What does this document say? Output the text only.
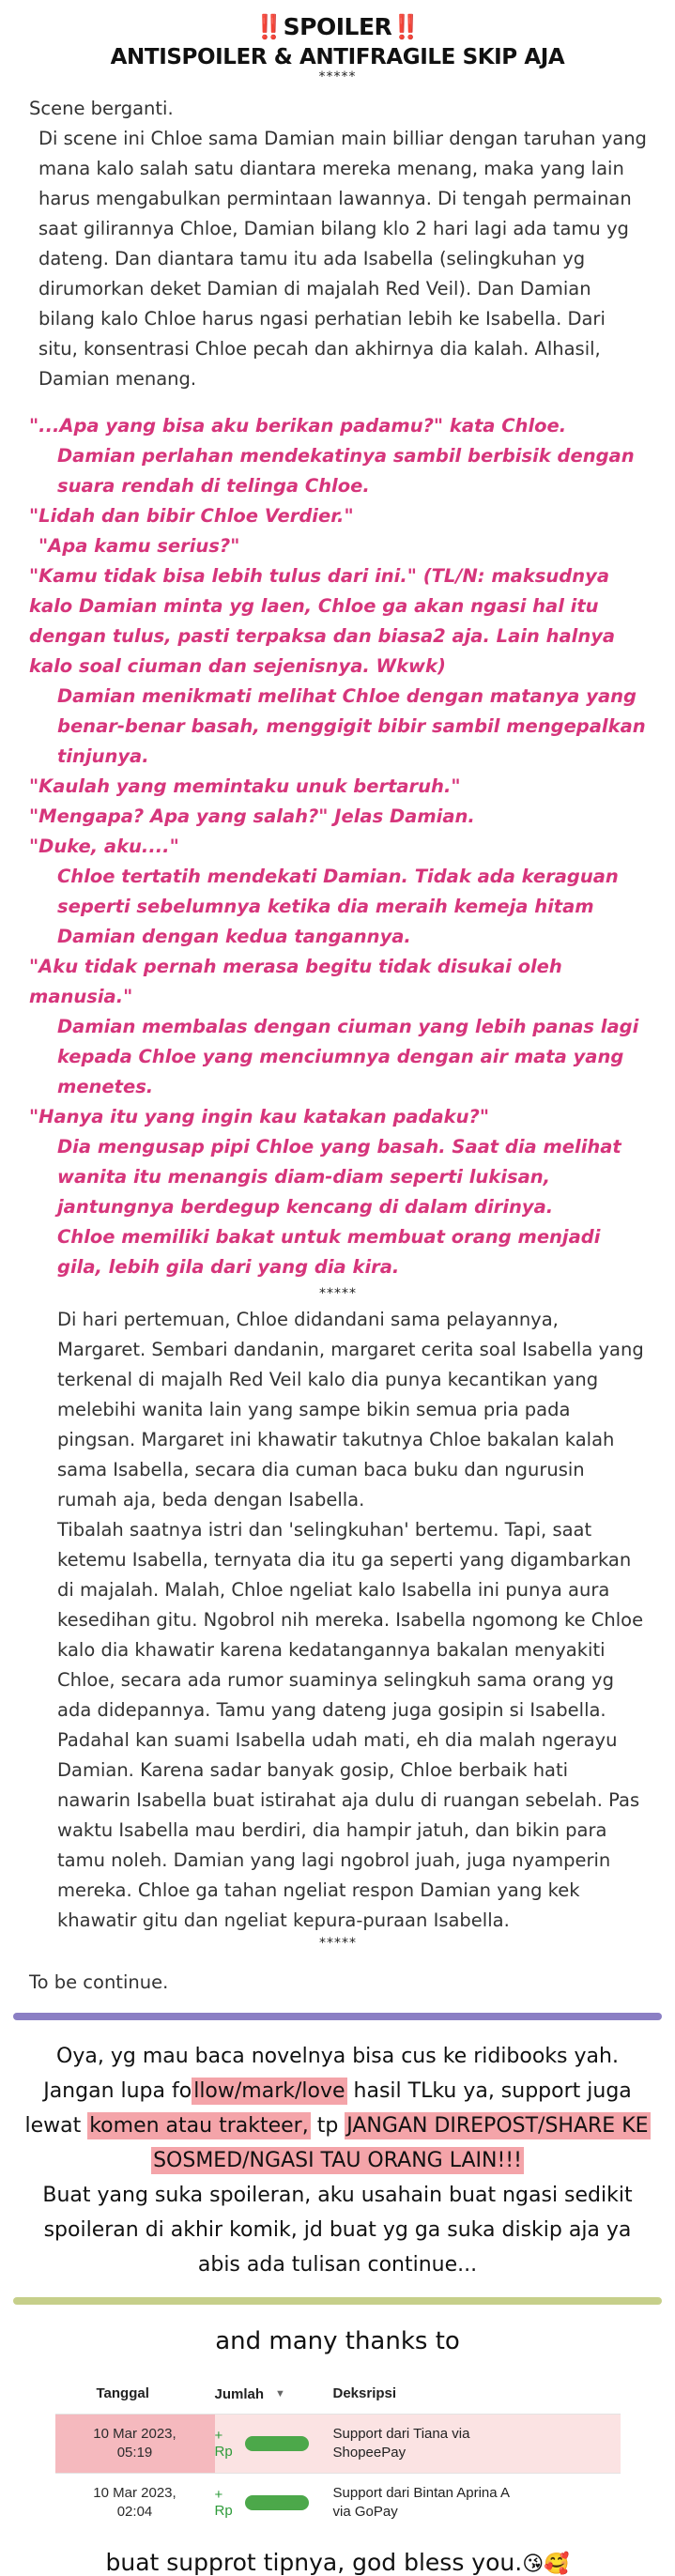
‼️SPOILER‼️
ANTISPOILER & ANTIFRAGILE SKIP AJA
*****

Scene berganti.

Di scene ini Chloe sama Damian main billiar dengan taruhan yang mana kalo salah satu diantara mereka menang, maka yang lain harus mengabulkan permintaan lawannya. Di tengah permainan saat gilirannya Chloe, Damian bilang klo 2 hari lagi ada tamu yg dateng. Dan diantara tamu itu ada Isabella (selingkuhan yg dirumorkan deket Damian di majalah Red Veil). Dan Damian bilang kalo Chloe harus ngasi perhatian lebih ke Isabella. Dari situ, konsentrasi Chloe pecah dan akhirnya dia kalah. Alhasil, Damian menang.

"...Apa yang bisa aku berikan padamu?" kata Chloe.

Damian perlahan mendekatinya sambil berbisik dengan suara rendah di telinga Chloe.

"Lidah dan bibir Chloe Verdier."

"Apa kamu serius?"

"Kamu tidak bisa lebih tulus dari ini." (TL/N: maksudnya kalo Damian minta yg laen, Chloe ga akan ngasi hal itu dengan tulus, pasti terpaksa dan biasa2 aja. Lain halnya kalo soal ciuman dan sejenisnya. Wkwk)

Damian menikmati melihat Chloe dengan matanya yang benar-benar basah, menggigit bibir sambil mengepalkan tinjunya.

"Kaulah yang memintaku unuk bertaruh."

"Mengapa? Apa yang salah?" Jelas Damian.

"Duke, aku...."

Chloe tertatih mendekati Damian. Tidak ada keraguan seperti sebelumnya ketika dia meraih kemeja hitam Damian dengan kedua tangannya.

"Aku tidak pernah merasa begitu tidak disukai oleh manusia."

Damian membalas dengan ciuman yang lebih panas lagi kepada Chloe yang menciumnya dengan air mata yang menetes.

"Hanya itu yang ingin kau katakan padaku?"

Dia mengusap pipi Chloe yang basah. Saat dia melihat wanita itu menangis diam-diam seperti lukisan, jantungnya berdegup kencang di dalam dirinya.

Chloe memiliki bakat untuk membuat orang menjadi gila, lebih gila dari yang dia kira.

*****

Di hari pertemuan, Chloe didandani sama pelayannya, Margaret. Sembari dandanin, margaret cerita soal Isabella yang terkenal di majalh Red Veil kalo dia punya kecantikan yang melebihi wanita lain yang sampe bikin semua pria pada pingsan. Margaret ini khawatir takutnya Chloe bakalan kalah sama Isabella, secara dia cuman baca buku dan ngurusin rumah aja, beda dengan Isabella.

Tibalah saatnya istri dan 'selingkuhan' bertemu. Tapi, saat ketemu Isabella, ternyata dia itu ga seperti yang digambarkan di majalah. Malah, Chloe ngeliat kalo Isabella ini punya aura kesedihan gitu. Ngobrol nih mereka. Isabella ngomong ke Chloe kalo dia khawatir karena kedatangannya bakalan menyakiti Chloe, secara ada rumor suaminya selingkuh sama orang yg ada didepannya. Tamu yang dateng juga gosipin si Isabella. Padahal kan suami Isabella udah mati, eh dia malah ngerayu Damian. Karena sadar banyak gosip, Chloe berbaik hati nawarin Isabella buat istirahat aja dulu di ruangan sebelah. Pas waktu Isabella mau berdiri, dia hampir jatuh, dan bikin para tamu noleh. Damian yang lagi ngobrol juah, juga nyamperin mereka. Chloe ga tahan ngeliat respon Damian yang kek khawatir gitu dan ngeliat kepura-puraan Isabella.

*****

To be continue.

Oya, yg mau baca novelnya bisa cus ke ridibooks yah.
Jangan lupa follow/mark/love hasil TLku ya, support juga
lewat komen atau trakteer, tp JANGAN DIREPOST/SHARE KE
SOSMED/NGASI TAU ORANG LAIN!!!
Buat yang suka spoileran, aku usahain buat ngasi sedikit
spoileran di akhir komik, jd buat yg ga suka diskip aja ya
abis ada tulisan continue...
and many thanks to
Tanggal	Jumlah ▼	Deksripsi
10 Mar 2023,
05:19
+ Rp
Support dari Tiana via
ShopeePay
10 Mar 2023,
02:04
+ Rp
Support dari Bintan Aprina A
via GoPay
buat supprot tipnya, god bless you.😘🥰
